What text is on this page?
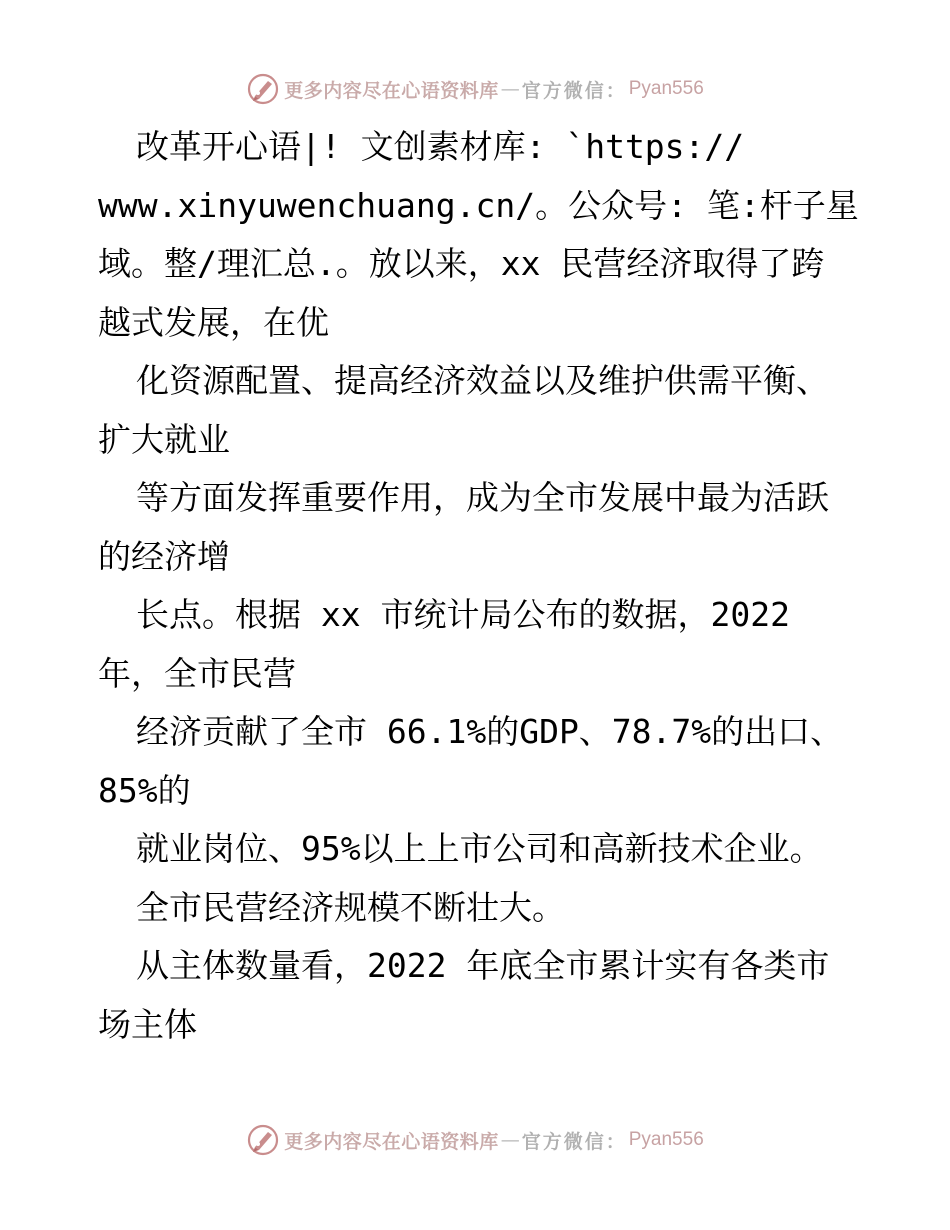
更多内容尽在心语资料库 — 官方微信： Pyan556
改革开心语|! 文创素材库: `https://
www.xinyuwenchuang.cn/。公众号: 笔:杆子星
域。整/理汇总.。放以来，xx 民营经济取得了跨
越式发展，在优
化资源配置、提高经济效益以及维护供需平衡、
扩大就业
等方面发挥重要作用，成为全市发展中最为活跃
的经济增
长点。根据 xx 市统计局公布的数据，2022
年，全市民营
经济贡献了全市 66.1%的GDP、78.7%的出口、
85%的
就业岗位、95%以上上市公司和高新技术企业。
全市民营经济规模不断壮大。
从主体数量看，2022 年底全市累计实有各类市
场主体
更多内容尽在心语资料库 — 官方微信： Pyan556
